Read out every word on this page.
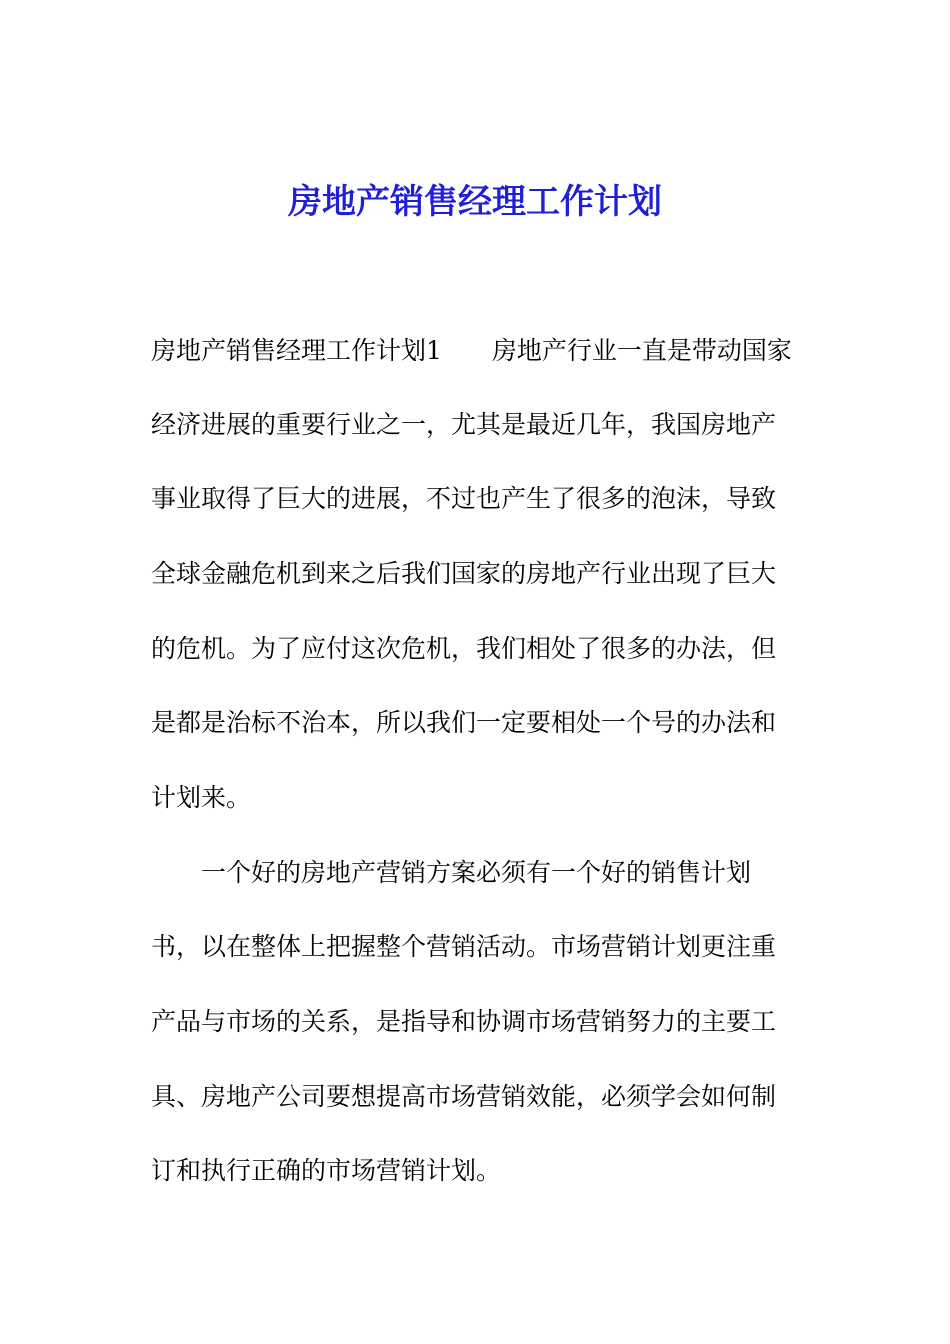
房地产销售经理工作计划
房地产销售经理工作计划1 房地产行业一直是带动国家
经济进展的重要行业之一，尤其是最近几年，我国房地产
事业取得了巨大的进展，不过也产生了很多的泡沫，导致
全球金融危机到来之后我们国家的房地产行业出现了巨大
的危机。为了应付这次危机，我们相处了很多的办法，但
是都是治标不治本，所以我们一定要相处一个号的办法和
计划来。
一个好的房地产营销方案必须有一个好的销售计划
书，以在整体上把握整个营销活动。市场营销计划更注重
产品与市场的关系，是指导和协调市场营销努力的主要工
具、房地产公司要想提高市场营销效能，必须学会如何制
订和执行正确的市场营销计划。
